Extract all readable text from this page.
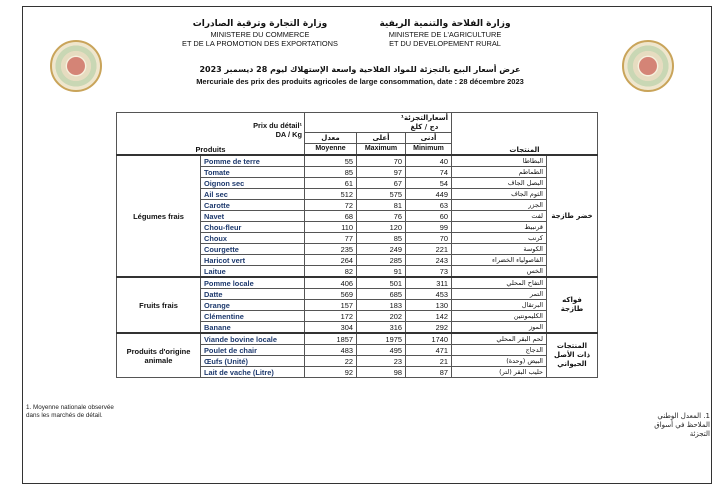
وزارة التجارة وترقية الصادرات
MINISTERE DU COMMERCE
ET DE LA PROMOTION DES EXPORTATIONS
وزارة الفلاحة والتنمية الريفية
MINISTERE DE L'AGRICULTURE
ET DU DEVELOPEMENT RURAL
عرض أسعار البيع بالتجزئة للمواد الفلاحية واسعة الإستهلاك ليوم 28 ديسمبر 2023
Mercuriale des prix des produits agricoles de large consommation, date : 28 décembre 2023
Prix du détail¹
DA / Kg
Produits		أسعارالتجزئة¹
دج / كلغ			المنتجات	
		معدل	أعلى	أدنى		
		Moyenne	Maximum	Minimum		
Légumes frais	Pomme de terre	55	70	40	البطاطا	خضر طازجة
	Tomate	85	97	74	الطماطم	
	Oignon sec	61	67	54	البصل الجاف	
	Ail sec	512	575	449	الثوم الجاف	
	Carotte	72	81	63	الجزر	
	Navet	68	76	60	لفت	
	Chou-fleur	110	120	99	قرنبيط	
	Choux	77	85	70	كرنب	
	Courgette	235	249	221	الكوسة	
	Haricot vert	264	285	243	الفاصولياء الخضراء	
	Laitue	82	91	73	الخس	
Fruits frais	Pomme locale	406	501	311	التفاح المحلي	فواكه طازجة
	Datte	569	685	453	التمر	
	Orange	157	183	130	البرتقال	
	Clémentine	172	202	142	الكليمونتين	
	Banane	304	316	292	الموز	
Produits d'origine animale	Viande bovine locale	1857	1975	1740	لحم البقر المحلي	المنتجات ذات الأصل الحيواني
	Poulet de chair	483	495	471	الدجاج	
	Œufs (Unité)	22	23	21	البيض (وحدة)	
	Lait de vache (Litre)	92	98	87	حليب البقر (لتر)	
1. Moyenne nationale observée dans les marchés de détail.	1. المعدل الوطني الملاحظ في أسواق التجزئة
